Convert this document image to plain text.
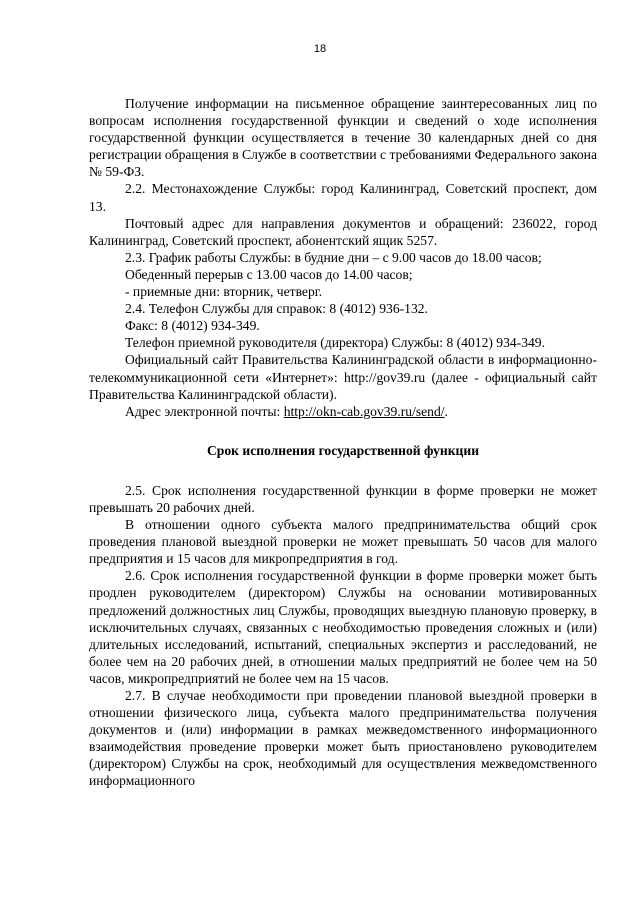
18

Получение информации на письменное обращение заинтересованных лиц по вопросам исполнения государственной функции и сведений о ходе исполнения государственной функции осуществляется в течение 30 календарных дней со дня регистрации обращения в Службе в соответствии с требованиями Федерального закона № 59-ФЗ.

2.2. Местонахождение Службы: город Калининград, Советский проспект, дом 13.

Почтовый адрес для направления документов и обращений: 236022, город Калининград, Советский проспект, абонентский ящик 5257.

2.3. График работы Службы: в будние дни – с 9.00 часов до 18.00 часов;

Обеденный перерыв с 13.00 часов до 14.00 часов;

- приемные дни: вторник, четверг.

2.4. Телефон Службы для справок: 8 (4012) 936-132.

Факс: 8 (4012) 934-349.

Телефон приемной руководителя (директора) Службы: 8 (4012) 934-349.

Официальный сайт Правительства Калининградской области в информационно-телекоммуникационной сети «Интернет»: http://gov39.ru (далее - официальный сайт Правительства Калининградской области).

Адрес электронной почты: http://okn-cab.gov39.ru/send/.

Срок исполнения государственной функции

2.5. Срок исполнения государственной функции в форме проверки не может превышать 20 рабочих дней.

В отношении одного субъекта малого предпринимательства общий срок проведения плановой выездной проверки не может превышать 50 часов для малого предприятия и 15 часов для микропредприятия в год.

2.6. Срок исполнения государственной функции в форме проверки может быть продлен руководителем (директором) Службы на основании мотивированных предложений должностных лиц Службы, проводящих выездную плановую проверку, в исключительных случаях, связанных с необходимостью проведения сложных и (или) длительных исследований, испытаний, специальных экспертиз и расследований, не более чем на 20 рабочих дней, в отношении малых предприятий не более чем на 50 часов, микропредприятий не более чем на 15 часов.

2.7. В случае необходимости при проведении плановой выездной проверки в отношении физического лица, субъекта малого предпринимательства получения документов и (или) информации в рамках межведомственного информационного взаимодействия проведение проверки может быть приостановлено руководителем (директором) Службы на срок, необходимый для осуществления межведомственного информационного
